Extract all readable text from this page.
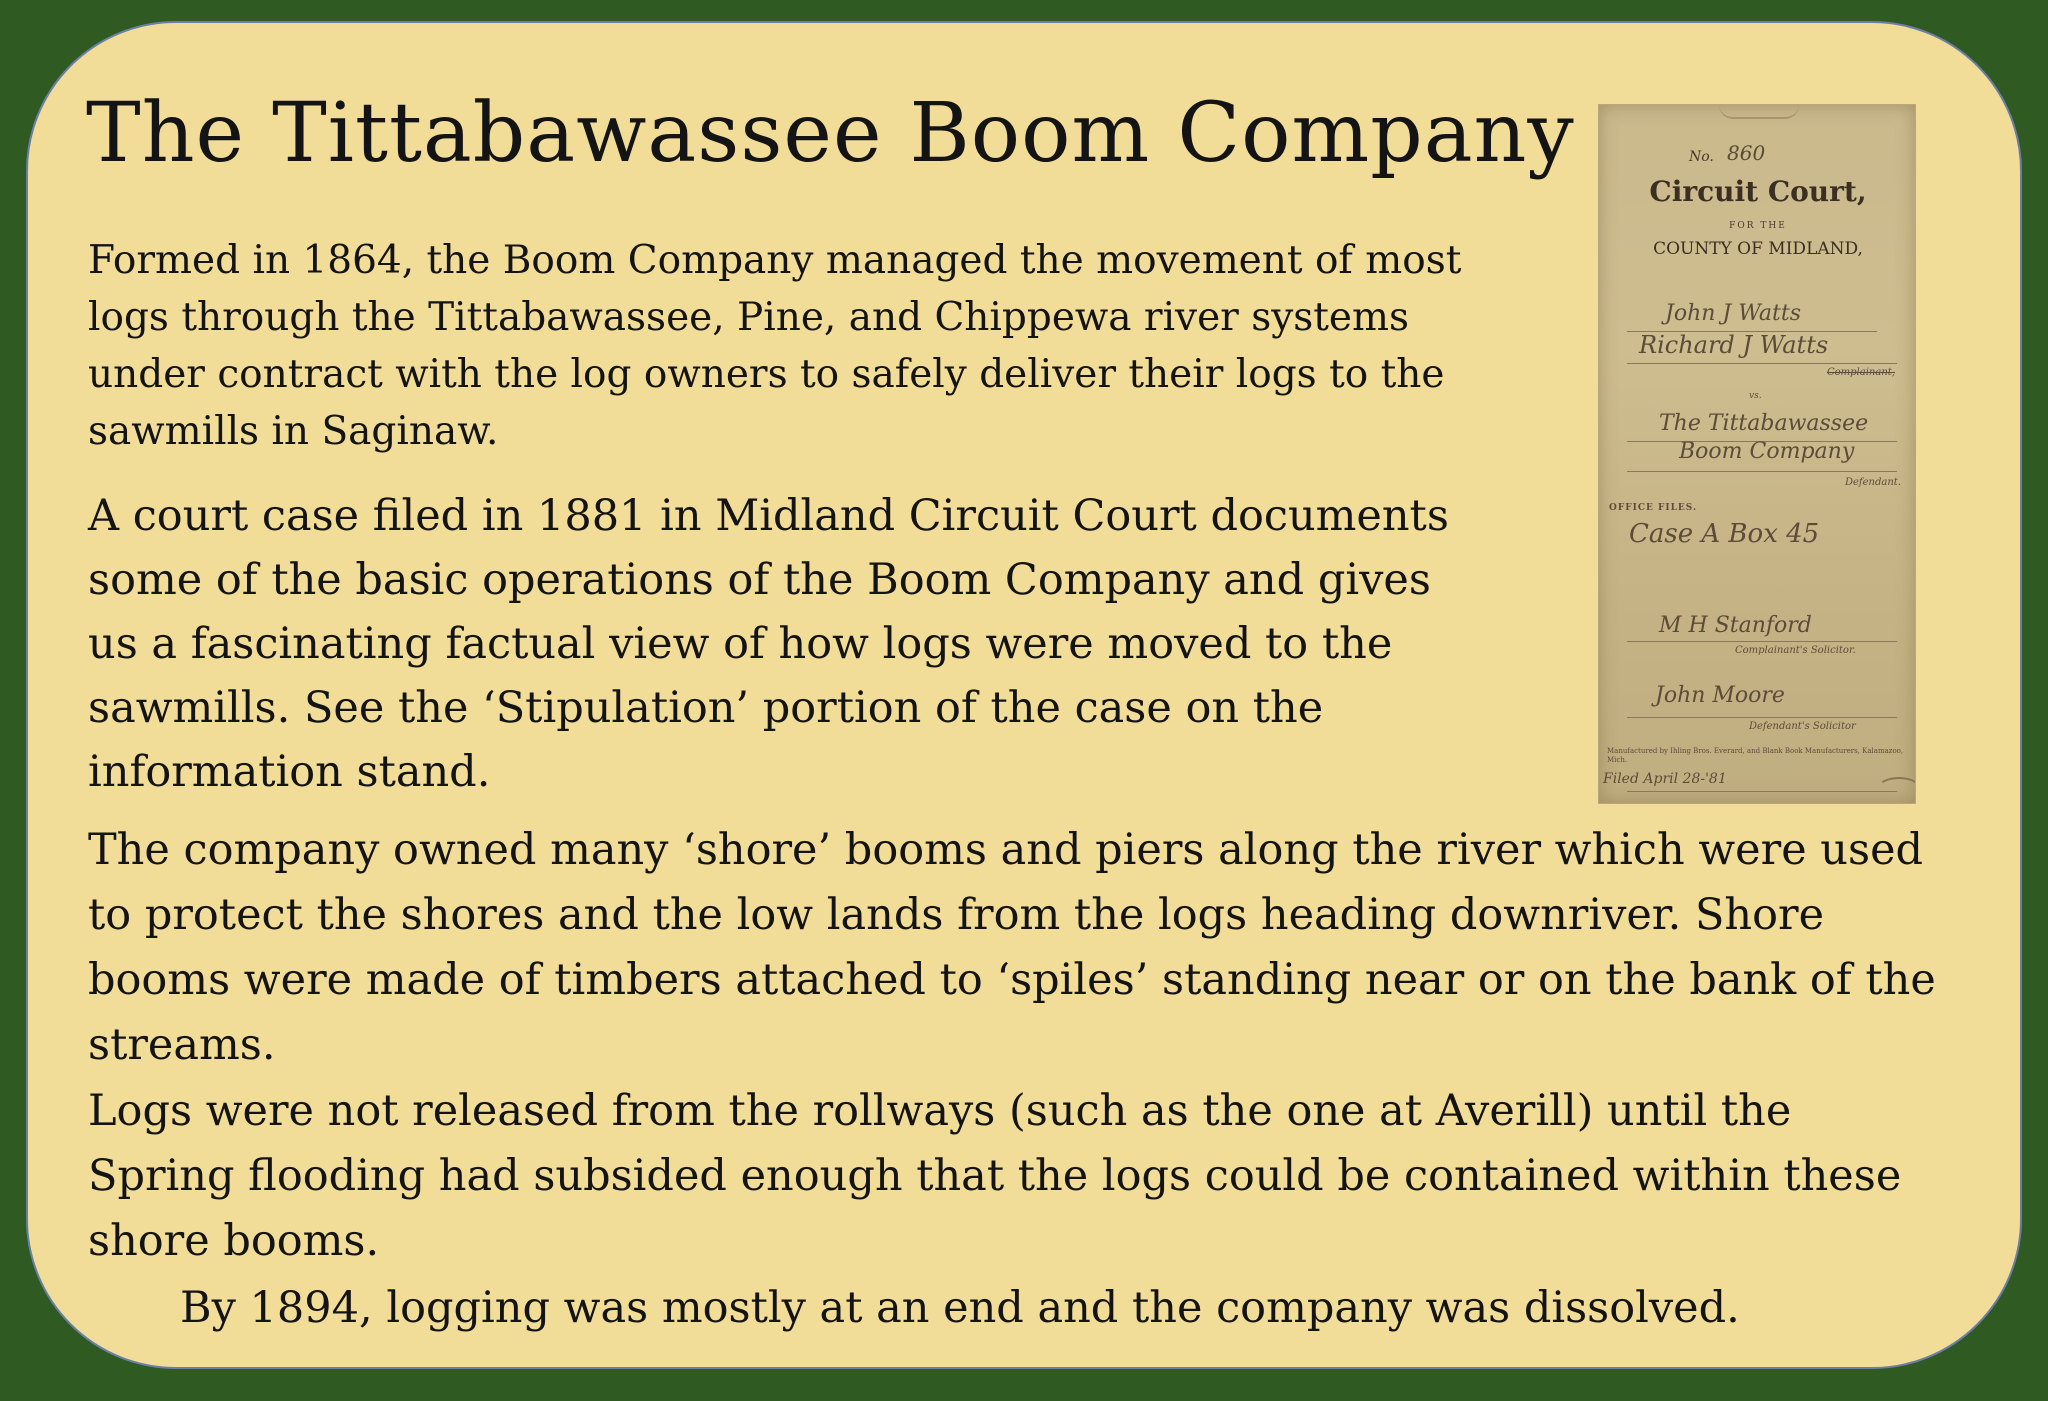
The Tittabawassee Boom Company

Formed in 1864, the Boom Company managed the movement of most
logs through the Tittabawassee, Pine, and Chippewa river systems
under contract with the log owners to safely deliver their logs to the
sawmills in Saginaw.

A court case filed in 1881 in Midland Circuit Court documents
some of the basic operations of the Boom Company and gives
us a fascinating factual view of how logs were moved to the
sawmills. See the ‘Stipulation’ portion of the case on the
information stand.

The company owned many ‘shore’ booms and piers along the river which were used
to protect the shores and the low lands from the logs heading downriver. Shore
booms were made of timbers attached to ‘spiles’ standing near or on the bank of the
streams.

Logs were not released from the rollways (such as the one at Averill) until the
Spring flooding had subsided enough that the logs could be contained within these
shore booms.

By 1894, logging was mostly at an end and the company was dissolved.

No. 860

Circuit Court,

FOR THE

COUNTY OF MIDLAND,

John J Watts

Richard J Watts

Complainant,

vs.

The Tittabawassee

Boom Company

Defendant.

OFFICE FILES.

Case A Box 45

M H Stanford

Complainant's Solicitor.

John Moore

Defendant's Solicitor

Manufactured by Ihling Bros. Everard, and Blank Book Manufacturers, Kalamazoo, Mich.

Filed April 28-'81
